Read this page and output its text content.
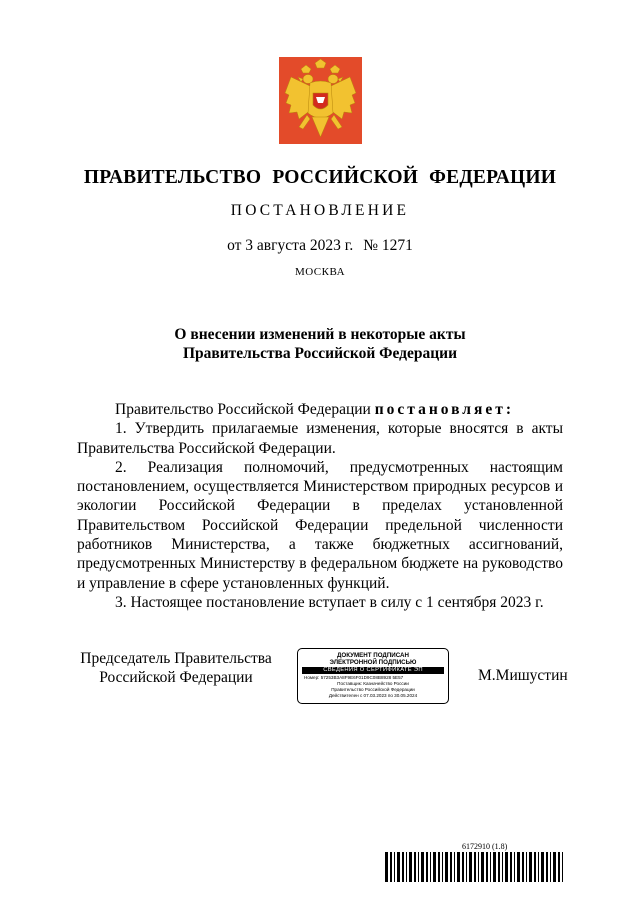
ПРАВИТЕЛЬСТВО РОССИЙСКОЙ ФЕДЕРАЦИИ
ПОСТАНОВЛЕНИЕ
от 3 августа 2023 г. № 1271
МОСКВА
О внесении изменений в некоторые акты
Правительства Российской Федерации

Правительство Российской Федерации постановляет:

1. Утвердить прилагаемые изменения, которые вносятся в акты Правительства Российской Федерации.

2. Реализация полномочий, предусмотренных настоящим постановлением, осуществляется Министерством природных ресурсов и экологии Российской Федерации в пределах установленной Правительством Российской Федерации предельной численности работников Министерства, а также бюджетных ассигнований, предусмотренных Министерству в федеральном бюджете на руководство и управление в сфере установленных функций.

3. Настоящее постановление вступает в силу с 1 сентября 2023 г.

Председатель Правительства
Российской Федерации
ДОКУМЕНТ ПОДПИСАН
ЭЛЕКТРОННОЙ ПОДПИСЬЮ
СВЕДЕНИЯ О СЕРТИФИКАТЕ ЭП
Номер: 57253B3A8F9E6F01D9C08B8928 5E57
Поставщик: Казначейство России
Правительство Российской Федерации
Действителен с 07.03.2023 по 30.05.2024
М.Мишустин
6172910 (1.8)
